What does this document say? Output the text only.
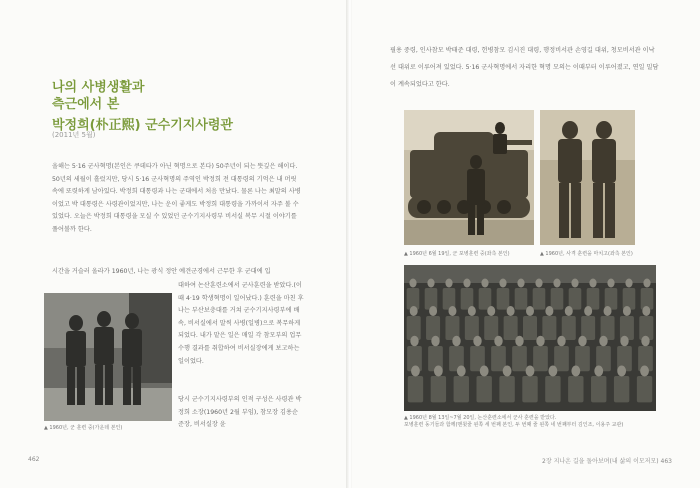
나의 사병생활과
측근에서 본
박정희(朴正熙) 군수기지사령관
(2011년 5월)

올해는 5·16 군사혁명(본인은 쿠데타가 아닌 혁명으로 본다) 50주년이 되는 뜻깊은 해이다. 50년의 세월이 흘렀지만, 당시 5·16 군사혁명의 주역인 박정희 전 대통령의 기억은 내 머릿속에 또렷하게 남아있다. 박정희 대통령과 나는 군대에서 처음 만났다. 물론 나는 최말의 사병이었고 박 대통령은 사령관이었지만, 나는 운이 좋게도 박정희 대통령을 가까이서 자주 볼 수 있었다. 오늘은 박정희 대통령을 모실 수 있었던 군수기지사령부 비서실 복무 시절 이야기를 풀어볼까 한다.

시간을 거슬러 올라가 1960년, 나는 광식 정안 예견군경에서 근무한 후 군대에 입

대하여 논산훈련소에서 군사훈련을 받았다.(이때 4·19 학생혁명이 일어났다.) 훈련을 마친 후 나는 부산보충대를 거쳐 군수기지사령부에 배속, 비서실에서 말씩 사병(일병)으로 복무하게 되었다. 내가 맡은 일은 매일 각 참모부의 업무수행 결과를 취합하여 비서실장에게 보고하는 일이었다.

당시 군수기지사령부의 인적 구성은 사령관 박정희 소장(1960년 2월 부임), 참모장 김용순 준장, 비서실장 윤

▲ 1960년, 군 훈련 중(가운데 본인)
462

필용 중령, 인사참모 박태준 대령, 헌병참모 김시진 대령, 행정비서관 손영길 대위, 청모비서관 이낙선 대위로 이루어져 있었다. 5·16 군사혁명에서 자리한 혁명 모의는 이때부터 이루어졌고, 연일 밀담이 계속되었다고 한다.

▲ 1960년 6월 19일, 군 포병훈련 중(좌측 본인)	▲ 1960년, 사격 훈련을 마치고(좌측 본인)
▲ 1960년 8월 13일~7월 20일, 논산훈련소에서 군사 훈련을 받았다.
포병훈련 동기들과 함께(맨윗줄 왼쪽 세 번째 본인, 두 번째 줄 왼쪽 네 번째부터 김인조, 이용주 교관)
2장 지나온 길을 돌아보며(내 삶의 이모저모) 463
